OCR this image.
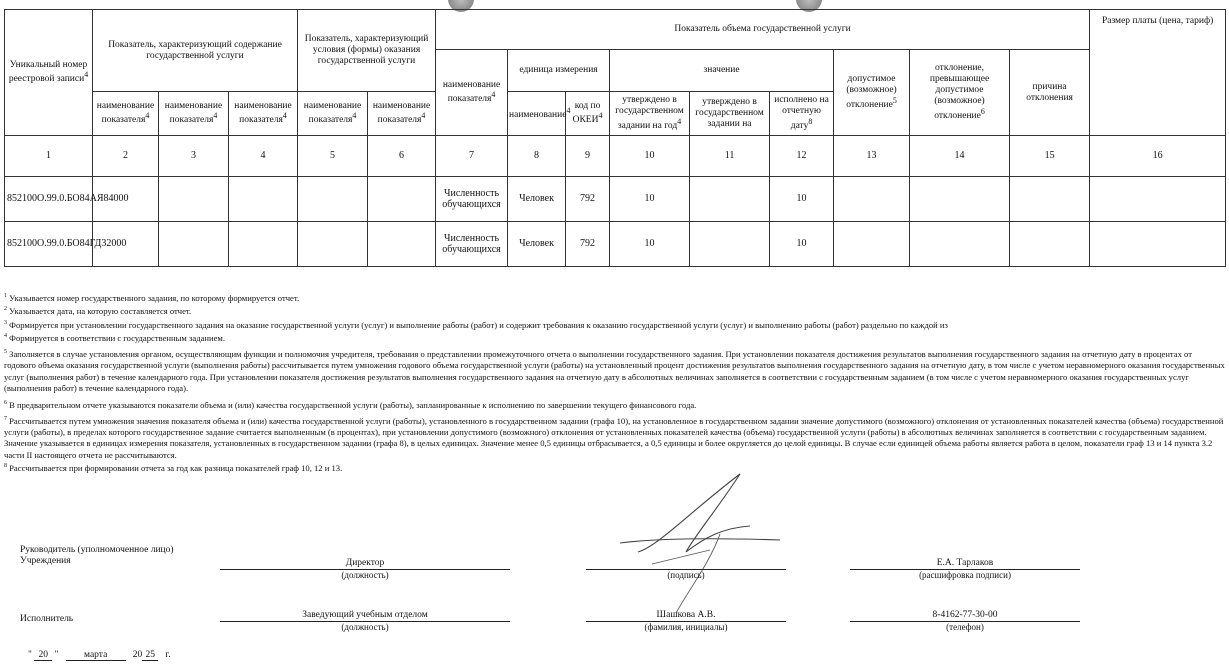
Уникальный номер реестровой записи$^4$	Показатель, характеризующий содержание государственной услуги			Показатель, характеризующий условия (формы) оказания государственной услуги		Показатель объема государственной услуги									Размер платы (цена, тариф)
						наименование показателя$^4$	единица измерения		значение			допустимое (возможное) отклонение$^5$	отклонение, превышающее допустимое (возможное) отклонение$^6$	причина отклонения	
	наименование показателя$^4$	наименование показателя$^4$	наименование показателя$^4$	наименование показателя$^4$	наименование показателя$^4$		наименование$^4$	код по ОКЕИ$^4$	утверждено в государственном задании на год$^4$	утверждено в государственном задании на	исполнено на отчетную дату$^8$
1	2	3	4	5	6	7	8	9	10	11	12	13	14	15	16
852100О.99.0.БО84АЯ84000						Численность обучающихся	Человек	792	10		10				
852100О.99.0.БО84ГД32000						Численность обучающихся	Человек	792	10		10				

$^1$ Указывается номер государственного задания, по которому формируется отчет.

$^2$ Указывается дата, на которую составляется отчет.

$^3$ Формируется при установлении государственного задания на оказание государственной услуги (услуг) и выполнение работы (работ) и содержит требования к оказанию государственной услуги (услуг) и выполнению работы (работ) раздельно по каждой из

$^4$ Формируется в соответствии с государственным заданием.

$^5$ Заполняется в случае установления органом, осуществляющим функции и полномочия учредителя, требования о представлении промежуточного отчета о выполнении государственного задания. При установлении показателя достижения результатов выполнения государственного задания на отчетную дату в процентах от годового объема оказания государственной услуги (выполнения работы) рассчитывается путем умножения годового объема государственной услуги (работы) на установленный процент достижения результатов выполнения государственного задания на отчетную дату, в том числе с учетом неравномерного оказания государственных услуг (выполнения работ) в течение календарного года. При установлении показателя достижения результатов выполнения государственного задания на отчетную дату в абсолютных величинах заполняется в соответствии с государственным заданием (в том числе с учетом неравномерного оказания государственных услуг (выполнения работ) в течение календарного года).

$^6$ В предварительном отчете указываются показатели объема и (или) качества государственной услуги (работы), запланированные к исполнению по завершении текущего финансового года.

$^7$ Рассчитывается путем умножения значения показателя объема и (или) качества государственной услуги (работы), установленного в государственном задании (графа 10), на установленное в государственном задании значение допустимого (возможного) отклонения от установленных показателей качества (объема) государственной услуги (работы), в пределах которого государственное задание считается выполненным (в процентах), при установлении допустимого (возможного) отклонения от установленных показателей качества (объема) государственной услуги (работы) в абсолютных величинах заполняется в соответствии с государственным заданием. Значение указывается в единицах измерения показателя, установленных в государственном задании (графа 8), в целых единицах. Значение менее 0,5 единицы отбрасывается, а 0,5 единицы и более округляется до целой единицы. В случае если единицей объема работы является работа в целом, показатели граф 13 и 14 пункта 3.2 части II настоящего отчета не рассчитываются.

$^8$ Рассчитывается при формировании отчета за год как разница показателей граф 10, 12 и 13.

Руководитель (уполномоченное лицо)
Учреждения	Директор
(должность)	(подпись)
Е.А. Тарлаков
(расшифровка подписи)
Исполнитель	Заведующий учебным отделом
(должность)
Шашкова А.В.
(фамилия, инициалы)
8-4162-77-30-00
(телефон)
" 20 "	марта	20 25 г.
